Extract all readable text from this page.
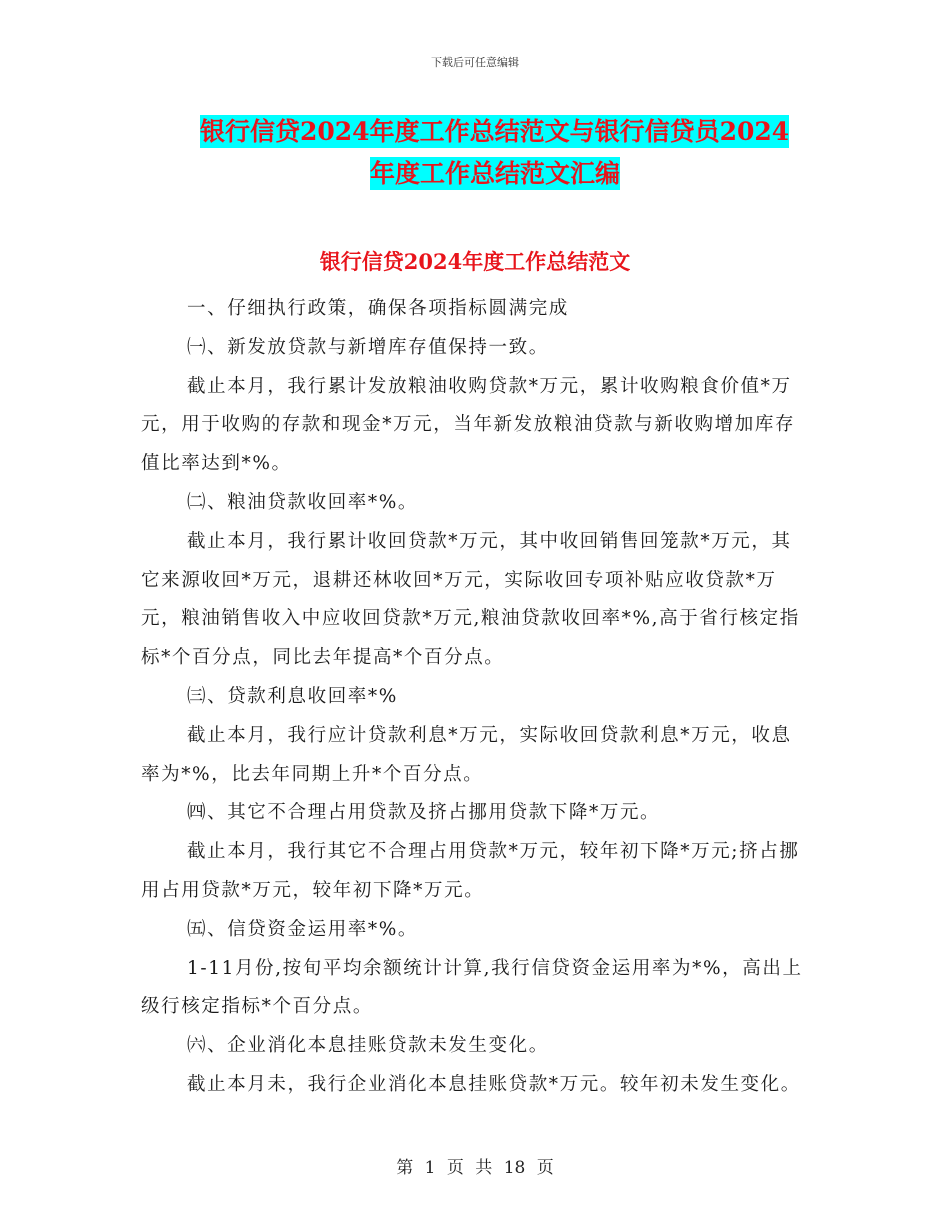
下载后可任意编辑
银行信贷2024年度工作总结范文与银行信贷员2024
年度工作总结范文汇编
银行信贷2024年度工作总结范文

一、仔细执行政策，确保各项指标圆满完成

㈠、新发放贷款与新增库存值保持一致。

截止本月，我行累计发放粮油收购贷款*万元，累计收购粮食价值*万元，用于收购的存款和现金*万元，当年新发放粮油贷款与新收购增加库存值比率达到*%。

㈡、粮油贷款收回率*%。

截止本月，我行累计收回贷款*万元，其中收回销售回笼款*万元，其它来源收回*万元，退耕还林收回*万元，实际收回专项补贴应收贷款*万元，粮油销售收入中应收回贷款*万元,粮油贷款收回率*%,高于省行核定指标*个百分点，同比去年提高*个百分点。

㈢、贷款利息收回率*%

截止本月，我行应计贷款利息*万元，实际收回贷款利息*万元，收息率为*%，比去年同期上升*个百分点。

㈣、其它不合理占用贷款及挤占挪用贷款下降*万元。

截止本月，我行其它不合理占用贷款*万元，较年初下降*万元;挤占挪用占用贷款*万元，较年初下降*万元。

㈤、信贷资金运用率*%。

1-11月份,按旬平均余额统计计算,我行信贷资金运用率为*%，高出上级行核定指标*个百分点。

㈥、企业消化本息挂账贷款未发生变化。

截止本月未，我行企业消化本息挂账贷款*万元。较年初未发生变化。

第 1 页 共 18 页
